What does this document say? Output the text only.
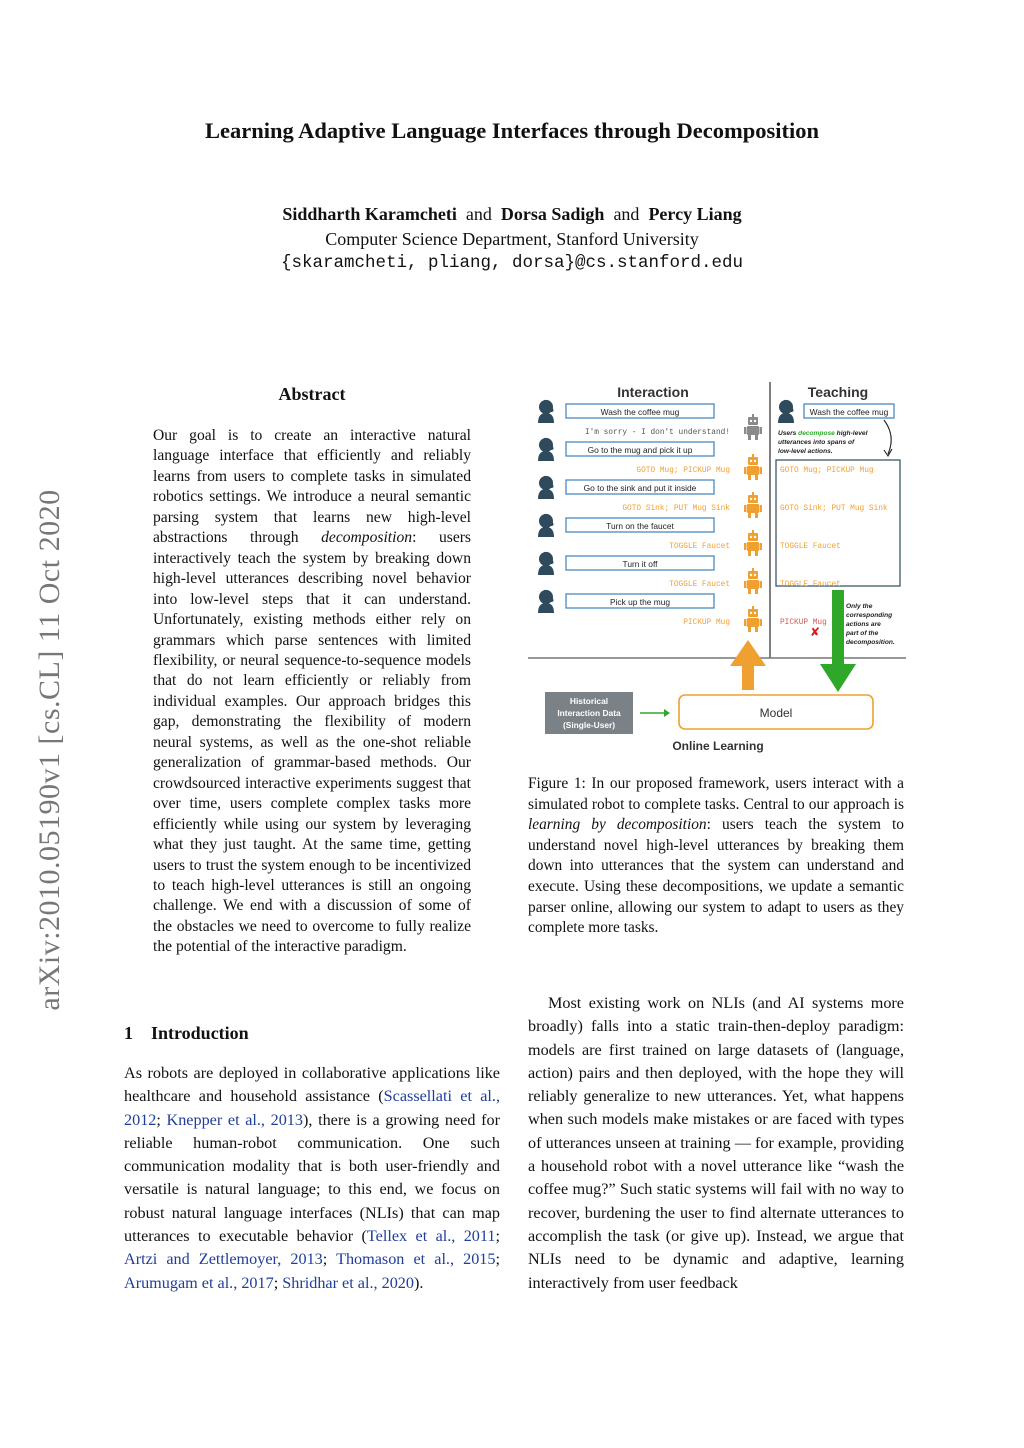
arXiv:2010.05190v1 [cs.CL] 11 Oct 2020
Learning Adaptive Language Interfaces through Decomposition
Siddharth Karamcheti and Dorsa Sadigh and Percy Liang
Computer Science Department, Stanford University
{skaramcheti, pliang, dorsa}@cs.stanford.edu
Abstract
Our goal is to create an interactive natural language interface that efficiently and reliably learns from users to complete tasks in simulated robotics settings. We introduce a neural semantic parsing system that learns new high-level abstractions through decomposition: users interactively teach the system by breaking down high-level utterances describing novel behavior into low-level steps that it can understand. Unfortunately, existing methods either rely on grammars which parse sentences with limited flexibility, or neural sequence-to-sequence models that do not learn efficiently or reliably from individual examples. Our approach bridges this gap, demonstrating the flexibility of modern neural systems, as well as the one-shot reliable generalization of grammar-based methods. Our crowdsourced interactive experiments suggest that over time, users complete complex tasks more efficiently while using our system by leveraging what they just taught. At the same time, getting users to trust the system enough to be incentivized to teach high-level utterances is still an ongoing challenge. We end with a discussion of some of the obstacles we need to overcome to fully realize the potential of the interactive paradigm.
1 Introduction
As robots are deployed in collaborative applications like healthcare and household assistance (Scassellati et al., 2012; Knepper et al., 2013), there is a growing need for reliable human-robot communication. One such communication modality that is both user-friendly and versatile is natural language; to this end, we focus on robust natural language interfaces (NLIs) that can map utterances to executable behavior (Tellex et al., 2011; Artzi and Zettlemoyer, 2013; Thomason et al., 2015; Arumugam et al., 2017; Shridhar et al., 2020).
Interaction	Teaching
Wash the coffee mug
Go to the mug and pick it up
Go to the sink and put it inside
Turn on the faucet
Turn it off
Pick up the mug
Wash the coffee mug
I'm sorry - I don't understand!
GOTO Mug; PICKUP Mug
GOTO Sink; PUT Mug Sink
TOGGLE Faucet
TOGGLE Faucet
PICKUP Mug
Users decompose high-level
utterances into spans of
low-level actions.
GOTO Mug; PICKUP Mug
GOTO Sink; PUT Mug Sink
TOGGLE Faucet
TOGGLE Faucet
PICKUP Mug
✘
Only the
corresponding
actions are
part of the
decomposition.
Historical
Interaction Data
(Single-User)
Model
Online Learning
Figure 1: In our proposed framework, users interact with a simulated robot to complete tasks. Central to our approach is learning by decomposition: users teach the system to understand novel high-level utterances by breaking them down into utterances that the system can understand and execute. Using these decompositions, we update a semantic parser online, allowing our system to adapt to users as they complete more tasks.
Most existing work on NLIs (and AI systems more broadly) falls into a static train-then-deploy paradigm: models are first trained on large datasets of (language, action) pairs and then deployed, with the hope they will reliably generalize to new utterances. Yet, what happens when such models make mistakes or are faced with types of utterances unseen at training — for example, providing a household robot with a novel utterance like “wash the coffee mug?” Such static systems will fail with no way to recover, burdening the user to find alternate utterances to accomplish the task (or give up). Instead, we argue that NLIs need to be dynamic and adaptive, learning interactively from user feedback
